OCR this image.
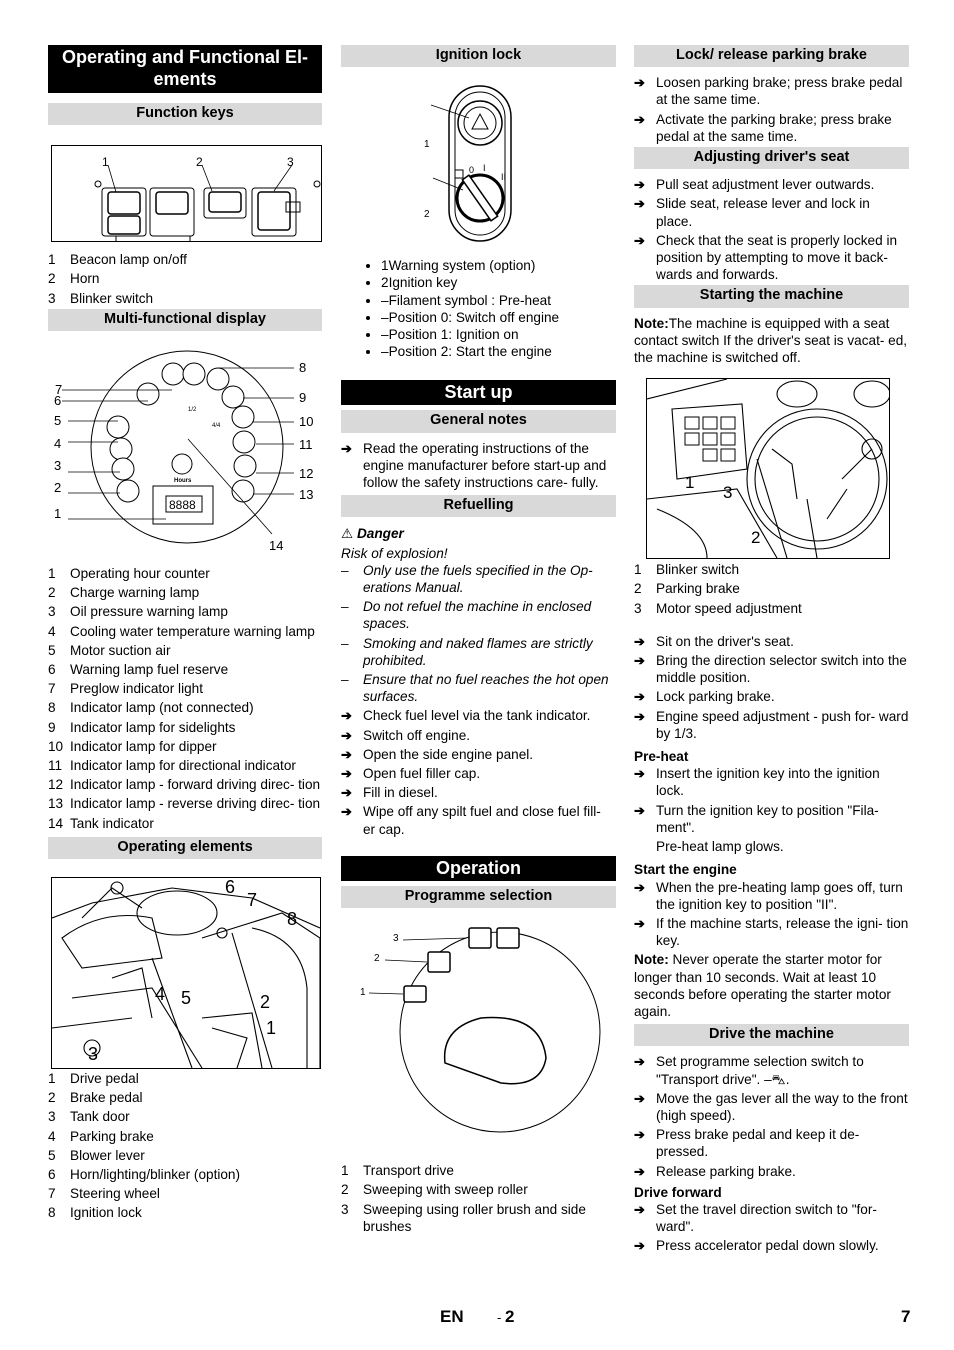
Operating and Functional El- ements
Function keys
1	2	3
1	Beacon lamp on/off
2	Horn
3	Blinker switch
Multi-functional display
1/2
4/4
Hours
8888
1
2
3
4
5
6
7
8
9
10
11
12
13
14
1	Operating hour counter
2	Charge warning lamp
3	Oil pressure warning lamp
4	Cooling water temperature warning lamp
5	Motor suction air
6	Warning lamp fuel reserve
7	Preglow indicator light
8	Indicator lamp (not connected)
9	Indicator lamp for sidelights
10 Indicator lamp for dipper
11 Indicator lamp for directional indicator
12 Indicator lamp - forward driving direc- tion
13 Indicator lamp - reverse driving direc- tion
14 Tank indicator
Operating elements
1
2
3
4 5
6
7
8
1	Drive pedal
2	Brake pedal
3	Tank door
4	Parking brake
5	Blower lever
6	Horn/lighting/blinker (option)
7	Steering wheel
8	Ignition lock
Ignition lock
0 I
II
1
2
• 1Warning system (option)
• 2Ignition key
• –Filament symbol : Pre-heat
• –Position 0: Switch off engine
• –Position 1: Ignition on
• –Position 2: Start the engine
Start up
General notes
➔ Read the operating instructions of the engine manufacturer before start-up and follow the safety instructions care- fully.
Refuelling

⚠ Danger

Risk of explosion!

– Only use the fuels specified in the Op- erations Manual.
– Do not refuel the machine in enclosed spaces.
– Smoking and naked flames are strictly prohibited.
– Ensure that no fuel reaches the hot open surfaces.
➔ Check fuel level via the tank indicator.
➔ Switch off engine.
➔ Open the side engine panel.
➔ Open fuel filler cap.
➔ Fill in diesel.
➔ Wipe off any spilt fuel and close fuel fill- er cap.
Operation
Programme selection
3
2
1
1	Transport drive
2	Sweeping with sweep roller
3	Sweeping using roller brush and side brushes
Lock/ release parking brake
➔ Loosen parking brake; press brake pedal at the same time.
➔ Activate the parking brake; press brake pedal at the same time.
Adjusting driver's seat
➔ Pull seat adjustment lever outwards.
➔ Slide seat, release lever and lock in place.
➔ Check that the seat is properly locked in position by attempting to move it back- wards and forwards.
Starting the machine

Note:The machine is equipped with a seat contact switch If the driver's seat is vacat- ed, the machine is switched off.

1
2
3
1	Blinker switch
2	Parking brake
3	Motor speed adjustment
➔ Sit on the driver's seat.
➔ Bring the direction selector switch into the middle position.
➔ Lock parking brake.
➔ Engine speed adjustment - push for- ward by 1/3.
Pre-heat
➔ Insert the ignition key into the ignition lock.
➔ Turn the ignition key to position "Fila- ment".

Pre-heat lamp glows.

Start the engine
➔ When the pre-heating lamp goes off, turn the ignition key to position "II".
➔ If the machine starts, release the igni- tion key.

Note: Never operate the starter motor for longer than 10 seconds. Wait at least 10 seconds before operating the starter motor again.

Drive the machine
➔ Set programme selection switch to "Transport drive". ‒⛍.
➔ Move the gas lever all the way to the front (high speed).
➔ Press brake pedal and keep it de- pressed.
➔ Release parking brake.
Drive forward
➔ Set the travel direction switch to "for- ward".
➔ Press accelerator pedal down slowly.
EN	- 2	7
